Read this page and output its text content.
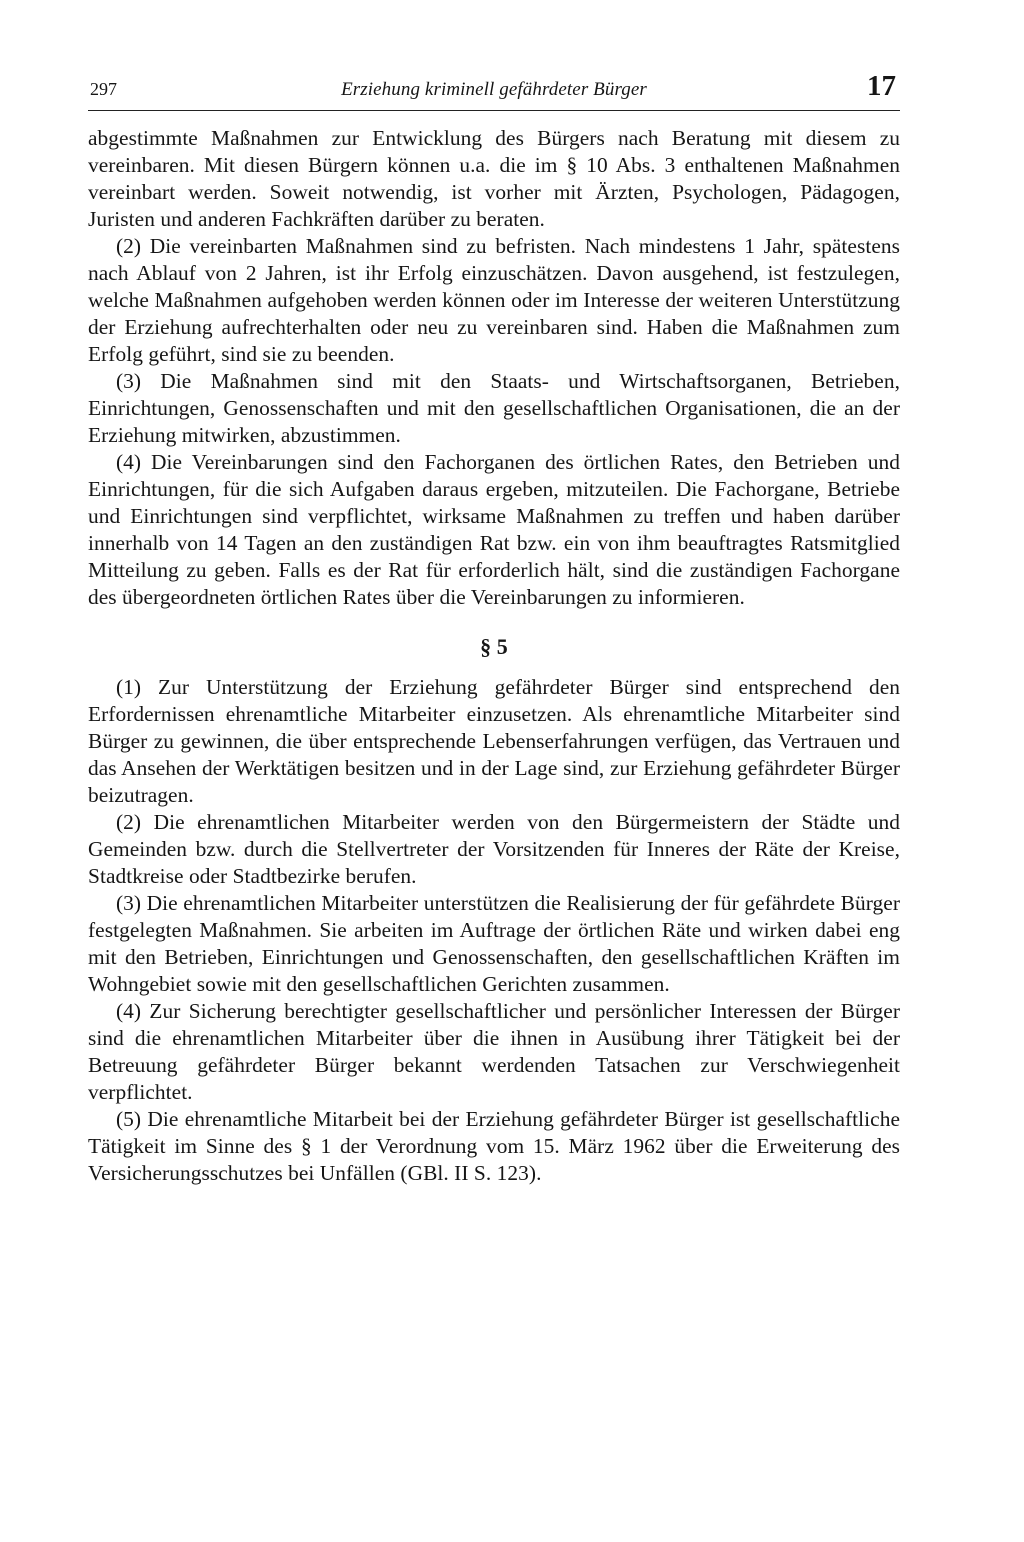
297	Erziehung kriminell gefährdeter Bürger	17

abgestimmte Maßnahmen zur Entwicklung des Bürgers nach Beratung mit diesem zu vereinbaren. Mit diesen Bürgern können u.a. die im § 10 Abs. 3 enthaltenen Maßnahmen vereinbart werden. Soweit notwendig, ist vorher mit Ärzten, Psychologen, Pädagogen, Juristen und anderen Fachkräften darüber zu beraten.

(2) Die vereinbarten Maßnahmen sind zu befristen. Nach mindestens 1 Jahr, spätestens nach Ablauf von 2 Jahren, ist ihr Erfolg einzuschätzen. Davon ausgehend, ist festzulegen, welche Maßnahmen aufgehoben werden können oder im Interesse der weiteren Unterstützung der Erziehung aufrechterhalten oder neu zu vereinbaren sind. Haben die Maßnahmen zum Erfolg geführt, sind sie zu beenden.

(3) Die Maßnahmen sind mit den Staats- und Wirtschaftsorganen, Betrieben, Einrichtungen, Genossenschaften und mit den gesellschaftlichen Organisationen, die an der Erziehung mitwirken, abzustimmen.

(4) Die Vereinbarungen sind den Fachorganen des örtlichen Rates, den Betrieben und Einrichtungen, für die sich Aufgaben daraus ergeben, mitzuteilen. Die Fachorgane, Betriebe und Einrichtungen sind verpflichtet, wirksame Maßnahmen zu treffen und haben darüber innerhalb von 14 Tagen an den zuständigen Rat bzw. ein von ihm beauftragtes Ratsmitglied Mitteilung zu geben. Falls es der Rat für erforderlich hält, sind die zuständigen Fachorgane des übergeordneten örtlichen Rates über die Vereinbarungen zu informieren.

§ 5

(1) Zur Unterstützung der Erziehung gefährdeter Bürger sind entsprechend den Erfordernissen ehrenamtliche Mitarbeiter einzusetzen. Als ehrenamtliche Mitarbeiter sind Bürger zu gewinnen, die über entsprechende Lebenserfahrungen verfügen, das Vertrauen und das Ansehen der Werktätigen besitzen und in der Lage sind, zur Erziehung gefährdeter Bürger beizutragen.

(2) Die ehrenamtlichen Mitarbeiter werden von den Bürgermeistern der Städte und Gemeinden bzw. durch die Stellvertreter der Vorsitzenden für Inneres der Räte der Kreise, Stadtkreise oder Stadtbezirke berufen.

(3) Die ehrenamtlichen Mitarbeiter unterstützen die Realisierung der für gefährdete Bürger festgelegten Maßnahmen. Sie arbeiten im Auftrage der örtlichen Räte und wirken dabei eng mit den Betrieben, Einrichtungen und Genossenschaften, den gesellschaftlichen Kräften im Wohngebiet sowie mit den gesellschaftlichen Gerichten zusammen.

(4) Zur Sicherung berechtigter gesellschaftlicher und persönlicher Interessen der Bürger sind die ehrenamtlichen Mitarbeiter über die ihnen in Ausübung ihrer Tätigkeit bei der Betreuung gefährdeter Bürger bekannt werdenden Tatsachen zur Verschwiegenheit verpflichtet.

(5) Die ehrenamtliche Mitarbeit bei der Erziehung gefährdeter Bürger ist gesellschaftliche Tätigkeit im Sinne des § 1 der Verordnung vom 15. März 1962 über die Erweiterung des Versicherungsschutzes bei Unfällen (GBl. II S. 123).
